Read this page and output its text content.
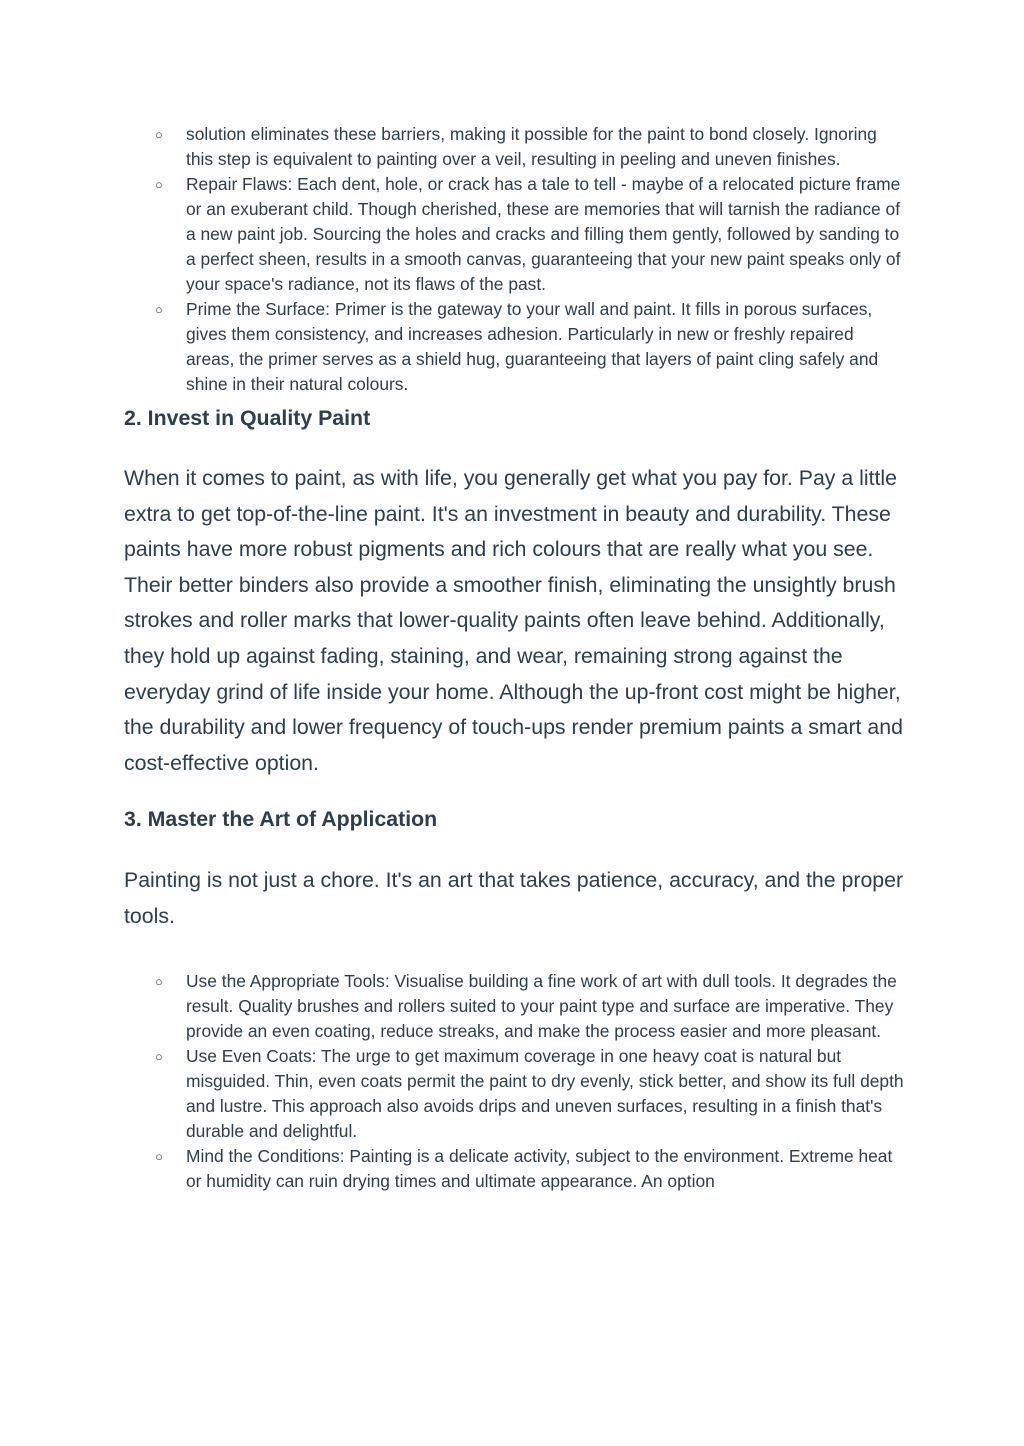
○ solution eliminates these barriers, making it possible for the paint to bond closely. Ignoring this step is equivalent to painting over a veil, resulting in peeling and uneven finishes.
○ Repair Flaws: Each dent, hole, or crack has a tale to tell - maybe of a relocated picture frame or an exuberant child. Though cherished, these are memories that will tarnish the radiance of a new paint job. Sourcing the holes and cracks and filling them gently, followed by sanding to a perfect sheen, results in a smooth canvas, guaranteeing that your new paint speaks only of your space's radiance, not its flaws of the past.
○ Prime the Surface: Primer is the gateway to your wall and paint. It fills in porous surfaces, gives them consistency, and increases adhesion. Particularly in new or freshly repaired areas, the primer serves as a shield hug, guaranteeing that layers of paint cling safely and shine in their natural colours.
2. Invest in Quality Paint

When it comes to paint, as with life, you generally get what you pay for. Pay a little extra to get top-of-the-line paint. It's an investment in beauty and durability. These paints have more robust pigments and rich colours that are really what you see. Their better binders also provide a smoother finish, eliminating the unsightly brush strokes and roller marks that lower-quality paints often leave behind. Additionally, they hold up against fading, staining, and wear, remaining strong against the everyday grind of life inside your home. Although the up-front cost might be higher, the durability and lower frequency of touch-ups render premium paints a smart and cost-effective option.

3. Master the Art of Application

Painting is not just a chore. It's an art that takes patience, accuracy, and the proper tools.

○ Use the Appropriate Tools: Visualise building a fine work of art with dull tools. It degrades the result. Quality brushes and rollers suited to your paint type and surface are imperative. They provide an even coating, reduce streaks, and make the process easier and more pleasant.
○ Use Even Coats: The urge to get maximum coverage in one heavy coat is natural but misguided. Thin, even coats permit the paint to dry evenly, stick better, and show its full depth and lustre. This approach also avoids drips and uneven surfaces, resulting in a finish that's durable and delightful.
○ Mind the Conditions: Painting is a delicate activity, subject to the environment. Extreme heat or humidity can ruin drying times and ultimate appearance. An option
